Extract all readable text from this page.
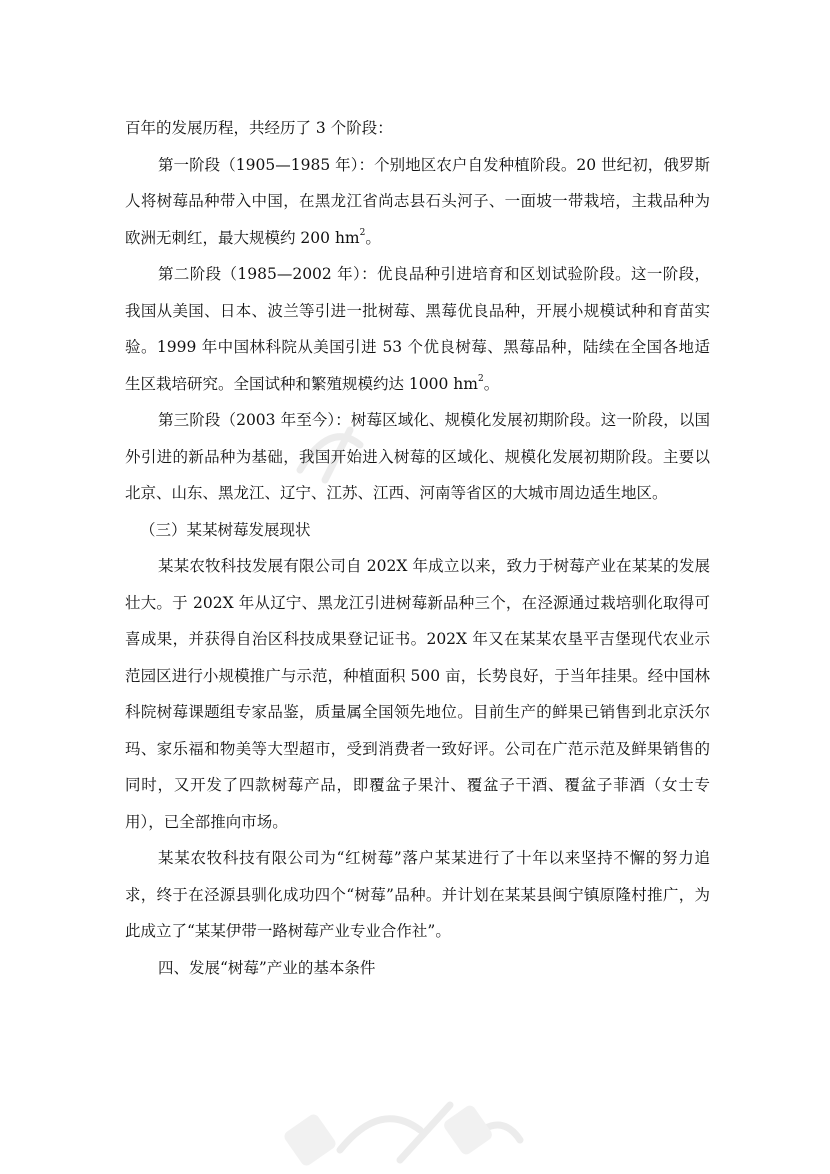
百年的发展历程，共经历了 3 个阶段：

第一阶段（1905—1985 年）：个别地区农户自发种植阶段。20 世纪初，俄罗斯人将树莓品种带入中国，在黑龙江省尚志县石头河子、一面坡一带栽培，主栽品种为欧洲无刺红，最大规模约 200 $hm^2$。

第二阶段（1985—2002 年）：优良品种引进培育和区划试验阶段。这一阶段，我国从美国、日本、波兰等引进一批树莓、黑莓优良品种，开展小规模试种和育苗实验。1999 年中国林科院从美国引进 53 个优良树莓、黑莓品种，陆续在全国各地适生区栽培研究。全国试种和繁殖规模约达 1000 $hm^2$。

第三阶段（2003 年至今）：树莓区域化、规模化发展初期阶段。这一阶段，以国外引进的新品种为基础，我国开始进入树莓的区域化、规模化发展初期阶段。主要以北京、山东、黑龙江、辽宁、江苏、江西、河南等省区的大城市周边适生地区。

（三）某某树莓发展现状

某某农牧科技发展有限公司自 202X 年成立以来，致力于树莓产业在某某的发展壮大。于 202X 年从辽宁、黑龙江引进树莓新品种三个，在泾源通过栽培驯化取得可喜成果，并获得自治区科技成果登记证书。202X 年又在某某农垦平吉堡现代农业示范园区进行小规模推广与示范，种植面积 500 亩，长势良好，于当年挂果。经中国林科院树莓课题组专家品鉴，质量属全国领先地位。目前生产的鲜果已销售到北京沃尔玛、家乐福和物美等大型超市，受到消费者一致好评。公司在广范示范及鲜果销售的同时，又开发了四款树莓产品，即覆盆子果汁、覆盆子干酒、覆盆子菲酒（女士专用），已全部推向市场。

某某农牧科技有限公司为“红树莓”落户某某进行了十年以来坚持不懈的努力追求，终于在泾源县驯化成功四个“树莓”品种。并计划在某某县闽宁镇原隆村推广，为此成立了“某某伊带一路树莓产业专业合作社”。

四、发展“树莓”产业的基本条件
